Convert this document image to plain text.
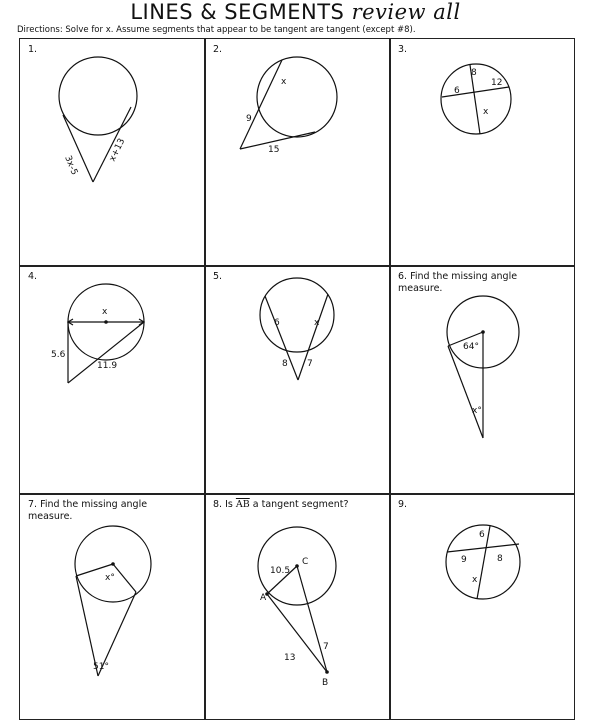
LINES & SEGMENTS review all
Directions: Solve for x. Assume segments that appear to be tangent are tangent (except #8).
1.
3x-5
x+13
2.
x
9
15
3.
8
12
6
x
4.
x
5.6
11.9
5.
6	x
8 7
6. Find the missing angle measure.
64°
x°
7. Find the missing angle measure.
x°
51°
8. Is $\overline{AB}$ a tangent segment?
C
10.5
A
7
13
B
9.
6
9	8
x
